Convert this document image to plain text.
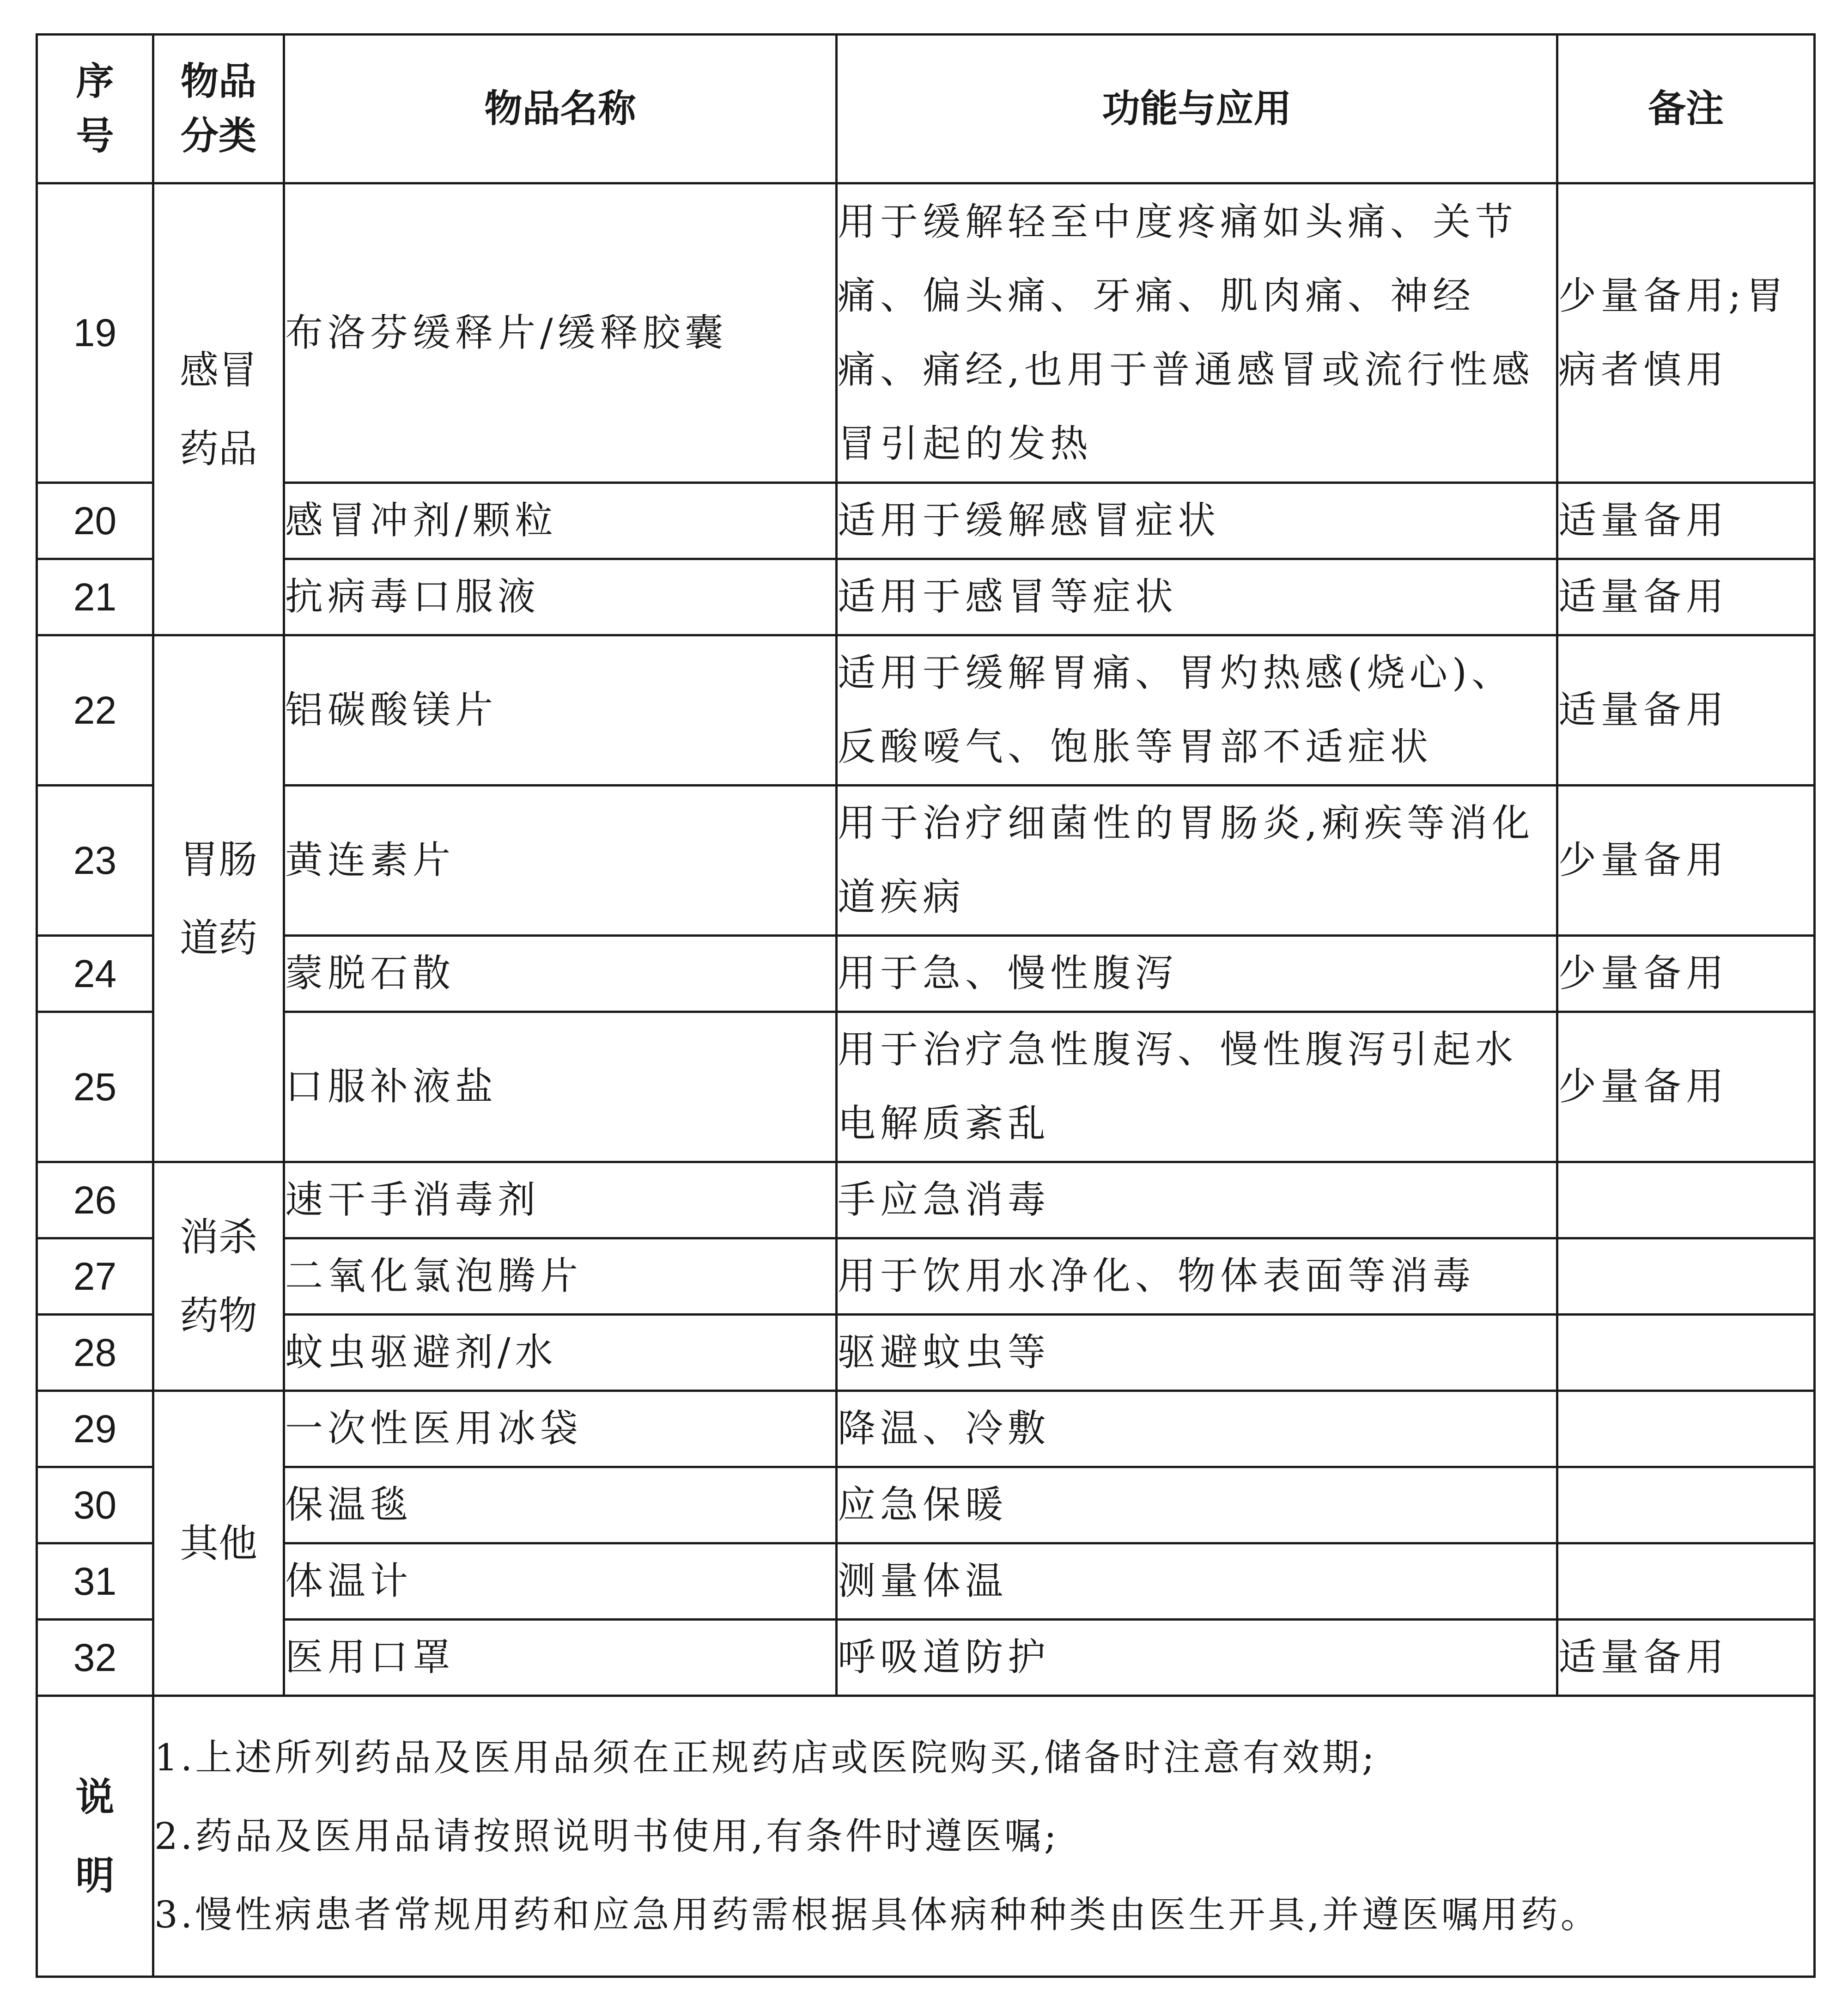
序号	物品分类	物品名称	功能与应用	备注
19	感冒药品	布洛芬缓释片/缓释胶囊	用于缓解轻至中度疼痛如头痛、关节痛、偏头痛、牙痛、肌肉痛、神经痛、痛经,也用于普通感冒或流行性感冒引起的发热	少量备用;胃病者慎用
20		感冒冲剂/颗粒	适用于缓解感冒症状	适量备用
21		抗病毒口服液	适用于感冒等症状	适量备用
22	胃肠道药	铝碳酸镁片	适用于缓解胃痛、胃灼热感(烧心)、反酸嗳气、饱胀等胃部不适症状	适量备用
23		黄连素片	用于治疗细菌性的胃肠炎,痢疾等消化道疾病	少量备用
24		蒙脱石散	用于急、慢性腹泻	少量备用
25		口服补液盐	用于治疗急性腹泻、慢性腹泻引起水电解质紊乱	少量备用
26	消杀药物	速干手消毒剂	手应急消毒	
27		二氧化氯泡腾片	用于饮用水净化、物体表面等消毒	
28		蚊虫驱避剂/水	驱避蚊虫等	
29	其他	一次性医用冰袋	降温、冷敷	
30		保温毯	应急保暖	
31		体温计	测量体温	
32		医用口罩	呼吸道防护	适量备用
说明	1.上述所列药品及医用品须在正规药店或医院购买,储备时注意有效期;
2.药品及医用品请按照说明书使用,有条件时遵医嘱;
3.慢性病患者常规用药和应急用药需根据具体病种种类由医生开具,并遵医嘱用药。			
